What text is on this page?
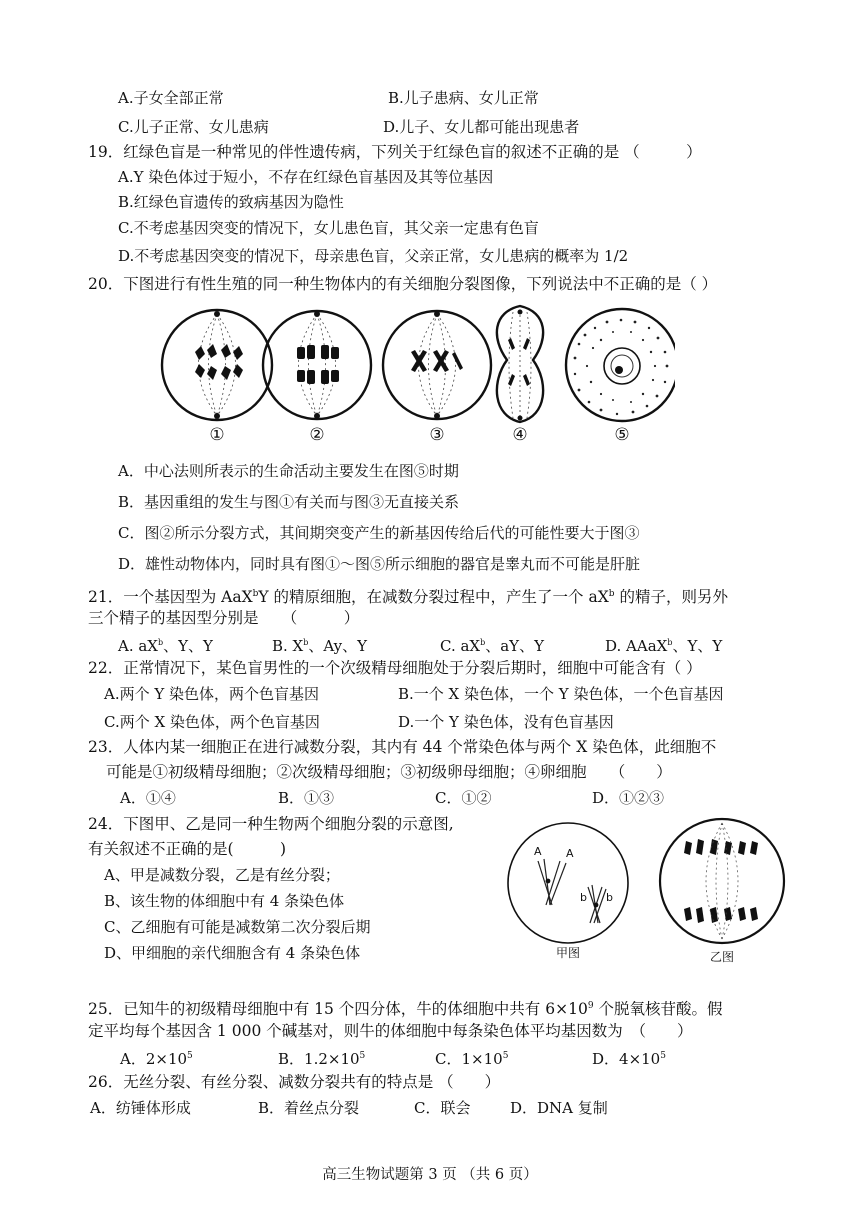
A.子女全部正常	B.儿子患病、女儿正常
C.儿子正常、女儿患病	D.儿子、女儿都可能出现患者
19．红绿色盲是一种常见的伴性遗传病，下列关于红绿色盲的叙述不正确的是 （　　　）
A.Y 染色体过于短小，不存在红绿色盲基因及其等位基因
B.红绿色盲遗传的致病基因为隐性
C.不考虑基因突变的情况下，女儿患色盲，其父亲一定患有色盲
D.不考虑基因突变的情况下，母亲患色盲，父亲正常，女儿患病的概率为 1/2
20．下图进行有性生殖的同一种生物体内的有关细胞分裂图像，下列说法中不正确的是（ ）
①	②	③	④	⑤
A．中心法则所表示的生命活动主要发生在图⑤时期
B．基因重组的发生与图①有关而与图③无直接关系
C．图②所示分裂方式，其间期突变产生的新基因传给后代的可能性要大于图③
D．雄性动物体内，同时具有图①～图⑤所示细胞的器官是睾丸而不可能是肝脏
21．一个基因型为 AaX$^b$Y 的精原细胞，在减数分裂过程中，产生了一个 $aX^b$ 的精子，则另外
三个精子的基因型分别是　　（　　　）
A. $aX^b$、Y、Y	B. $X^b$、Ay、Y	C. $aX^b$、aY、Y	D. AAaX$^b$、Y、Y
22．正常情况下，某色盲男性的一个次级精母细胞处于分裂后期时，细胞中可能含有（ ）
A.两个 Y 染色体，两个色盲基因	B.一个 X 染色体，一个 Y 染色体，一个色盲基因
C.两个 X 染色体，两个色盲基因	D.一个 Y 染色体，没有色盲基因
23．人体内某一细胞正在进行减数分裂，其内有 44 个常染色体与两个 X 染色体，此细胞不
可能是①初级精母细胞；②次级精母细胞；③初级卵母细胞；④卵细胞　　（　　）
A．①④	B．①③	C．①②	D．①②③
24．下图甲、乙是同一种生物两个细胞分裂的示意图,
有关叙述不正确的是(　　　)
A、甲是减数分裂，乙是有丝分裂；
B、该生物的体细胞中有 4 条染色体
C、乙细胞有可能是减数第二次分裂后期
D、甲细胞的亲代细胞含有 4 条染色体
A A
b b
甲图	乙图
25．已知牛的初级精母细胞中有 15 个四分体，牛的体细胞中共有 $6\times 10^9$ 个脱氧核苷酸。假
定平均每个基因含 1 000 个碱基对，则牛的体细胞中每条染色体平均基因数为　（　　）
A．$2\times 10^5$	B．$1.2\times 10^5$	C．$1\times 10^5$	D．$4\times 10^5$
26．无丝分裂、有丝分裂、减数分裂共有的特点是 （　　）
A．纺锤体形成	B．着丝点分裂	C．联会	D．DNA 复制
高三生物试题第 3 页 （共 6 页）
